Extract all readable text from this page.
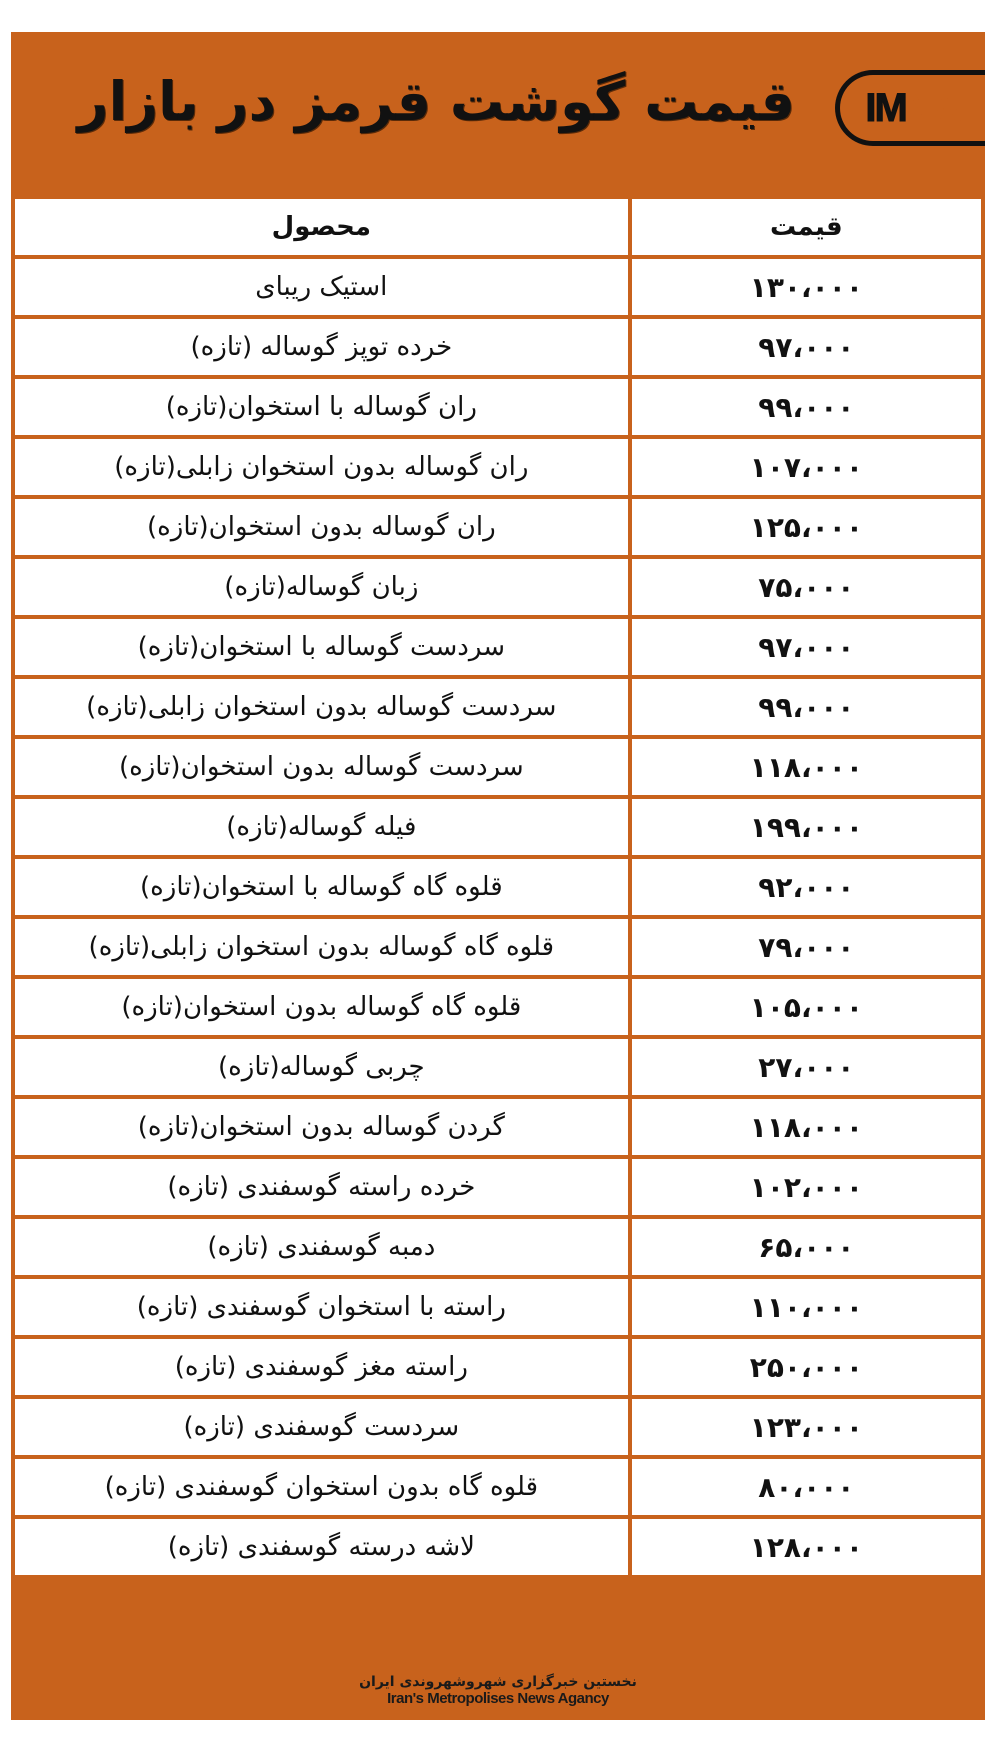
IM NA
قیمت گوشت قرمز در بازار
محصول	قیمت
استیک ریبای	۱۳۰،۰۰۰
خرده توپز گوساله (تازه)	۹۷،۰۰۰
ران گوساله با استخوان(تازه)	۹۹،۰۰۰
ران گوساله بدون استخوان زابلی(تازه)	۱۰۷،۰۰۰
ران گوساله بدون استخوان(تازه)	۱۲۵،۰۰۰
زبان گوساله(تازه)	۷۵،۰۰۰
سردست گوساله با استخوان(تازه)	۹۷،۰۰۰
سردست گوساله بدون استخوان زابلی(تازه)	۹۹،۰۰۰
سردست گوساله بدون استخوان(تازه)	۱۱۸،۰۰۰
فیله گوساله(تازه)	۱۹۹،۰۰۰
قلوه گاه گوساله با استخوان(تازه)	۹۲،۰۰۰
قلوه گاه گوساله بدون استخوان زابلی(تازه)	۷۹،۰۰۰
قلوه گاه گوساله بدون استخوان(تازه)	۱۰۵،۰۰۰
چربی گوساله(تازه)	۲۷،۰۰۰
گردن گوساله بدون استخوان(تازه)	۱۱۸،۰۰۰
خرده راسته گوسفندی (تازه)	۱۰۲،۰۰۰
دمبه گوسفندی (تازه)	۶۵،۰۰۰
راسته با استخوان گوسفندی (تازه)	۱۱۰،۰۰۰
راسته مغز گوسفندی (تازه)	۲۵۰،۰۰۰
سردست گوسفندی (تازه)	۱۲۳،۰۰۰
قلوه گاه بدون استخوان گوسفندی (تازه)	۸۰،۰۰۰
لاشه درسته گوسفندی (تازه)	۱۲۸،۰۰۰
نخستین خبرگزاری شهروشهروندی ایران
Iran's Metropolises News Agancy
